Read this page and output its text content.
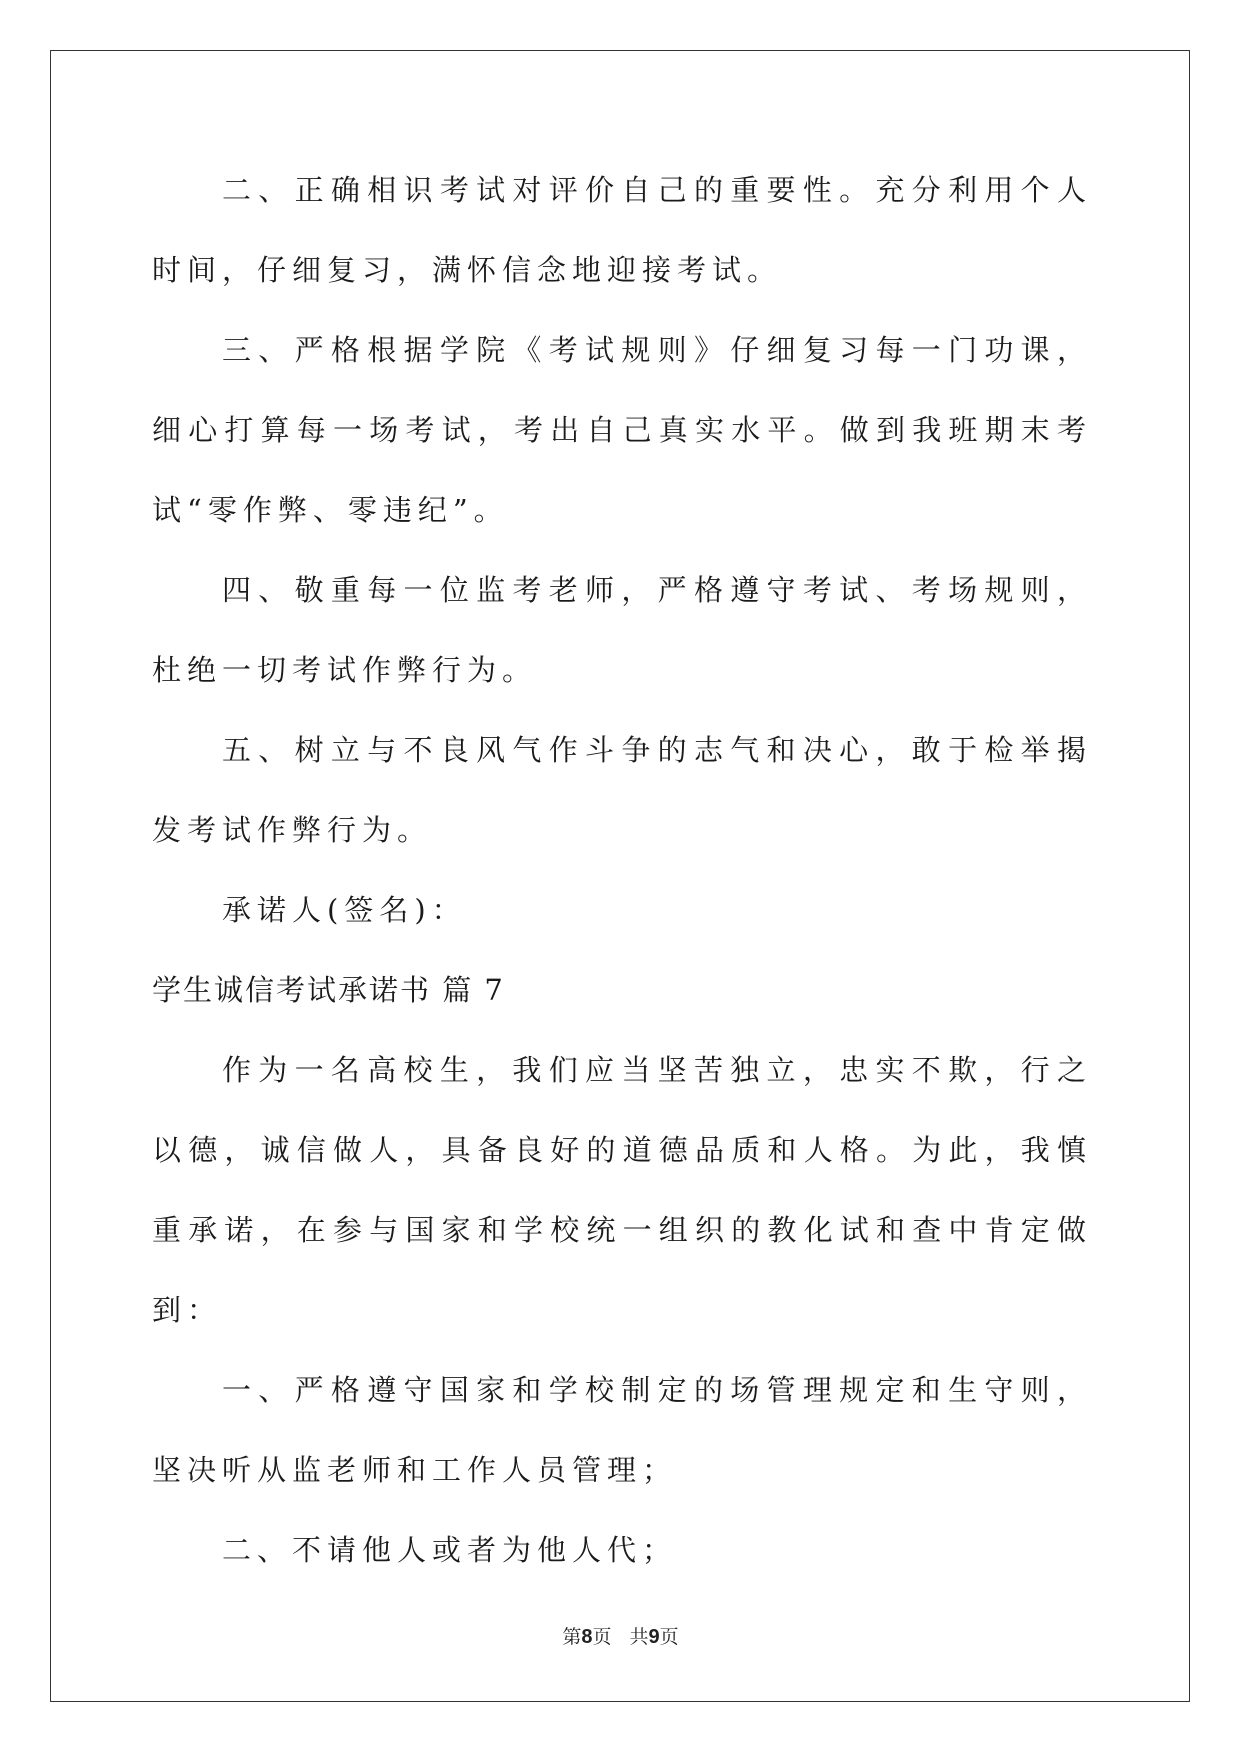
二、正确相识考试对评价自己的重要性。充分利用个人时间，仔细复习，满怀信念地迎接考试。

三、严格根据学院《考试规则》仔细复习每一门功课，细心打算每一场考试，考出自己真实水平。做到我班期末考试“零作弊、零违纪”。

四、敬重每一位监考老师，严格遵守考试、考场规则，杜绝一切考试作弊行为。

五、树立与不良风气作斗争的志气和决心，敢于检举揭发考试作弊行为。

承诺人(签名)：

学生诚信考试承诺书 篇 7

作为一名高校生，我们应当坚苦独立，忠实不欺，行之以德，诚信做人，具备良好的道德品质和人格。为此，我慎重承诺，在参与国家和学校统一组织的教化试和查中肯定做到：

一、严格遵守国家和学校制定的场管理规定和生守则，坚决听从监老师和工作人员管理；

二、不请他人或者为他人代；

第8页 共9页
